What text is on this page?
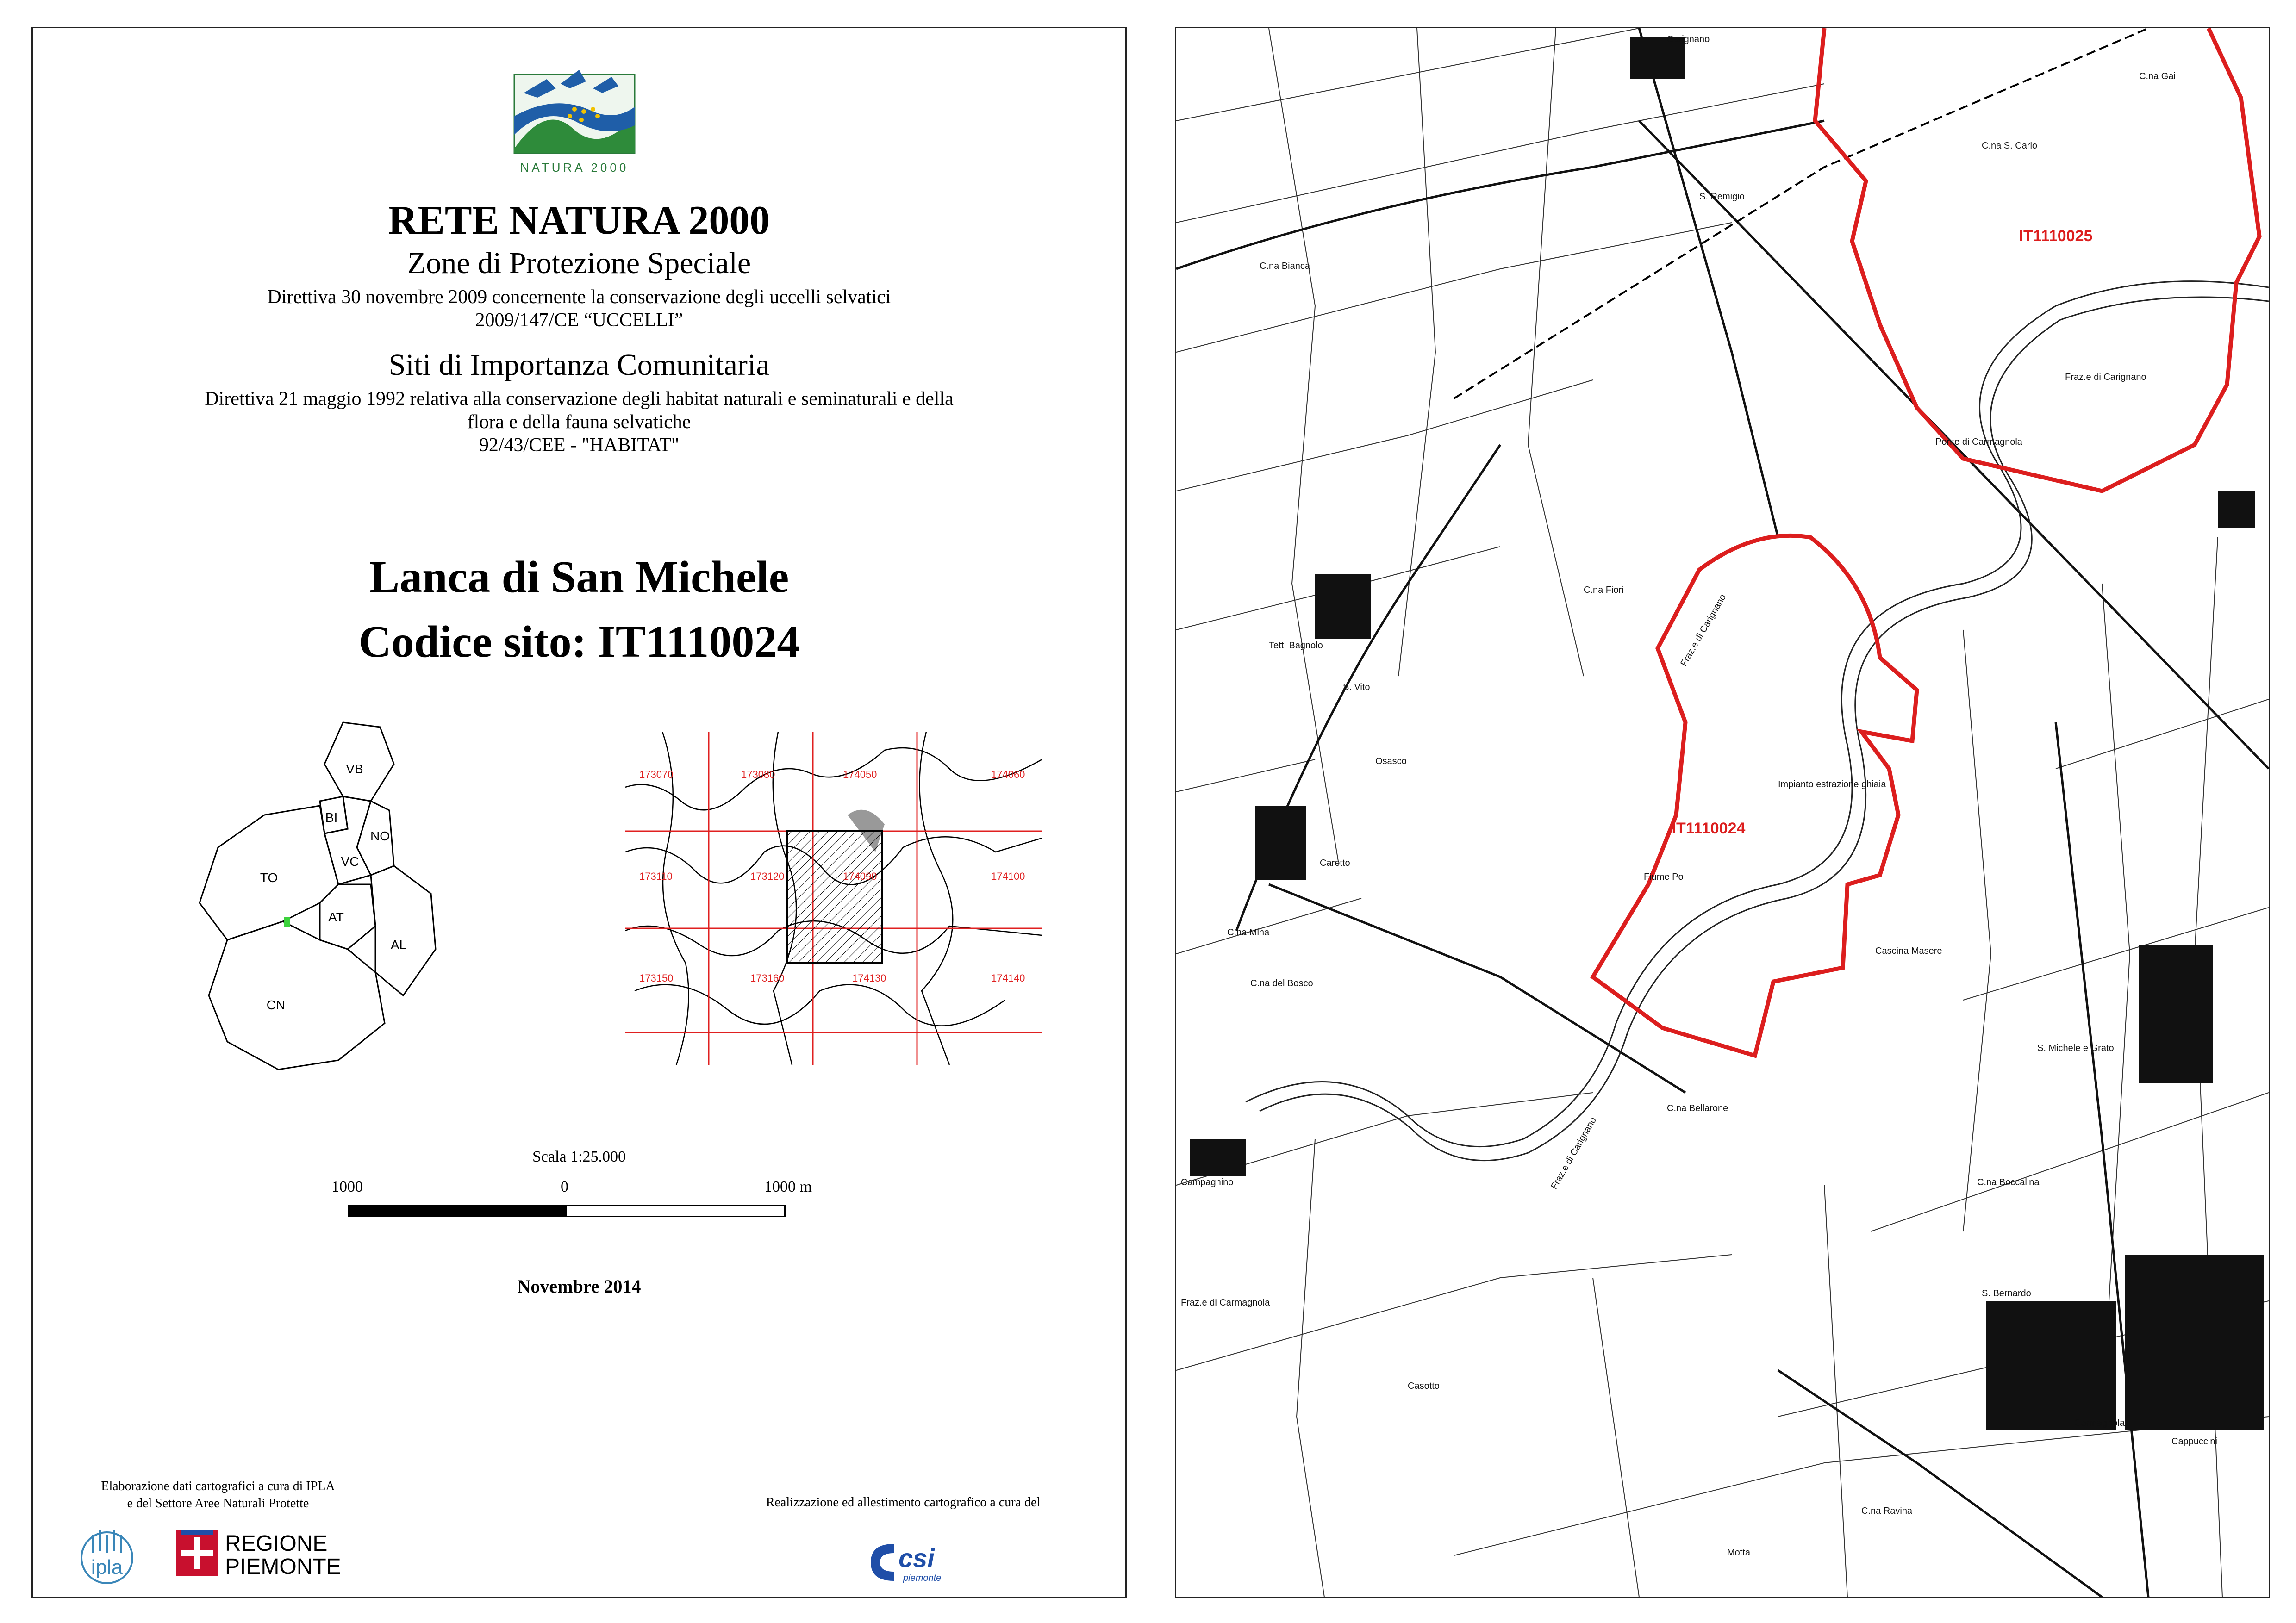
NATURA 2000
RETE NATURA 2000
Zone di Protezione Speciale
Direttiva 30 novembre 2009 concernente la conservazione degli uccelli selvatici
2009/147/CE “UCCELLI”
Siti di Importanza Comunitaria
Direttiva 21 maggio 1992 relativa alla conservazione degli habitat naturali e seminaturali e della
flora e della fauna selvatiche
92/43/CEE - "HABITAT"
Lanca di San Michele
Codice sito: IT1110024
VB
BI
NO
VC
TO
AT
AL
CN
173070	173080	174050	174060
173110	173120	174090	174100
173150	173160	174130	174140
Scala 1:25.000
1000	0	1000 m
Novembre 2014
Elaborazione dati cartografici a cura di IPLA
e del Settore Aree Naturali Protette
ipla
REGIONE
PIEMONTE
Realizzazione ed allestimento cartografico a cura del
csi
piemonte
IT1110025
IT1110024
Carignano
S. Remigio
C.na S. Carlo
C.na Gai
Fraz.e di Carignano
Ponte di Carmagnola
Tett. Bagnolo
S. Vito
Caretto
Osasco
C.na Fiori
C.na Bianca
Fraz.e di Carignano
Impianto estrazione ghiaia
Fiume Po
C.na Mina
C.na del Bosco
C.na Bellarone
Fraz.e di Carignano
Campagnino
Fraz.e di Carmagnola
S. Michele e Grato
S. Bernardo
Carmagnola
C.na Ravina
Motta
Cappuccini
C.na Boccalina
Casotto
Cascina Masere
